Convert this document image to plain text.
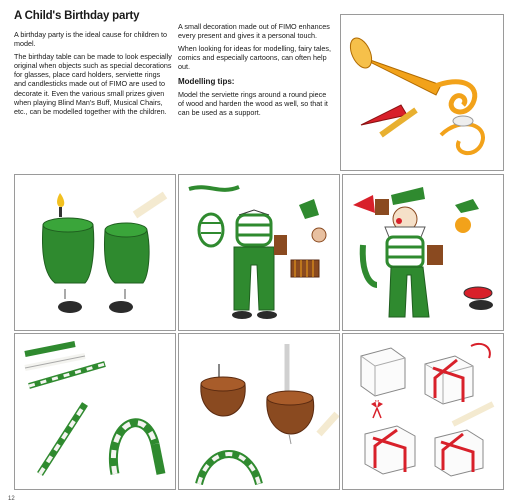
A Child's Birthday party

A birthday party is the ideal cause for children to model.

The birthday table can be made to look especially original when objects such as special decorations for glasses, place card holders, serviette rings and candlesticks made out of FIMO are used to decorate it. Even the various small prizes given when playing Blind Man's Buff, Musical Chairs, etc., can be modelled together with the children.

A small decoration made out of FIMO enhances every present and gives it a personal touch.

When looking for ideas for modelling, fairy tales, comics and especially cartoons, can often help out.

Modelling tips:

Model the serviette rings around a round piece of wood and harden the wood as well, so that it can be used as a support.

12
